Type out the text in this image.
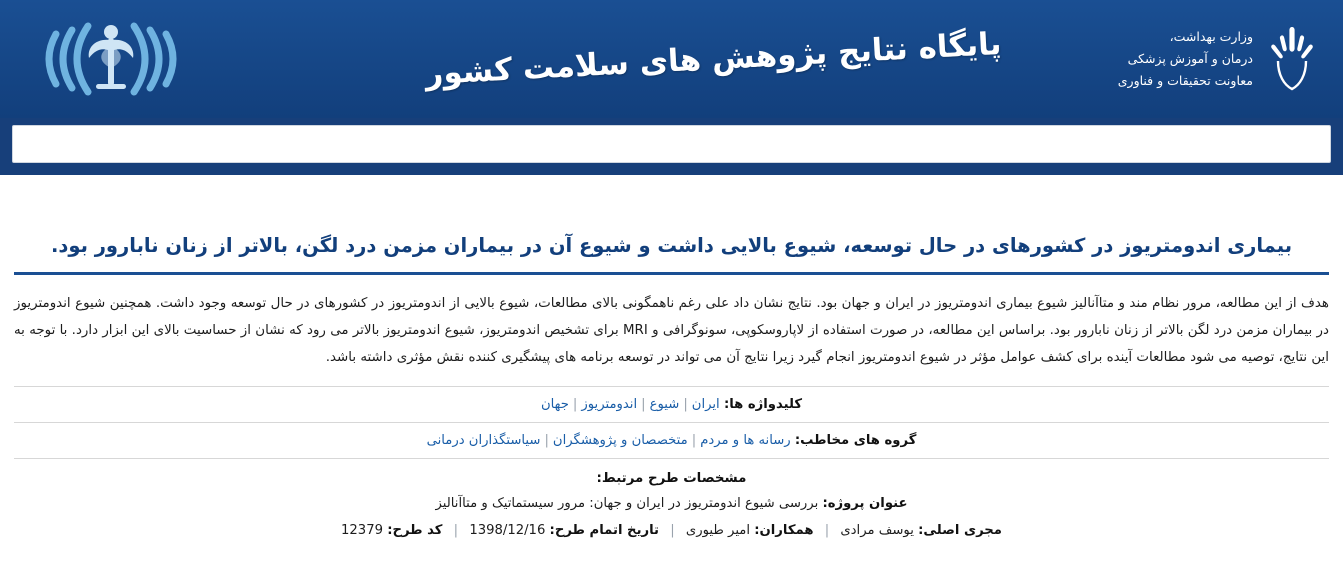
وزارت بهداشت،
درمان و آموزش پزشکی
معاونت تحقیقات و فناوری
پایگاه نتایج پژوهش های سلامت کشور
بیماری اندومتریوز در کشورهای در حال توسعه، شیوع بالایی داشت و شیوع آن در بیماران مزمن درد لگن، بالاتر از زنان نابارور بود.
هدف از این مطالعه، مرور نظام مند و متاآنالیز شیوع بیماری اندومتریوز در ایران و جهان بود. نتایج نشان داد علی رغم ناهمگونی بالای مطالعات، شیوع بالایی از اندومتریوز در کشورهای در حال توسعه وجود داشت. همچنین شیوع اندومتریوز در بیماران مزمن درد لگن بالاتر از زنان نابارور بود. براساس این مطالعه، در صورت استفاده از لاپاروسکوپی، سونوگرافی و MRI برای تشخیص اندومتریوز، شیوع اندومتریوز بالاتر می رود که نشان از حساسیت بالای این ابزار دارد. با توجه به این نتایج، توصیه می شود مطالعات آینده برای کشف عوامل مؤثر در شیوع اندومتریوز انجام گیرد زیرا نتایج آن می تواند در توسعه برنامه های پیشگیری کننده نقش مؤثری داشته باشد.
کلیدواژه ها: ایران|شیوع|اندومتریوز|جهان
گروه های مخاطب: رسانه ها و مردم|متخصصان و پژوهشگران|سیاستگذاران درمانی
مشخصات طرح مرتبط:
عنوان پروژه: بررسی شیوع اندومتریوز در ایران و جهان: مرور سیستماتیک و متاآنالیز
مجری اصلی: یوسف مرادی | همکاران: امیر طیوری | تاریخ اتمام طرح: 1398/12/16 | کد طرح: 12379
